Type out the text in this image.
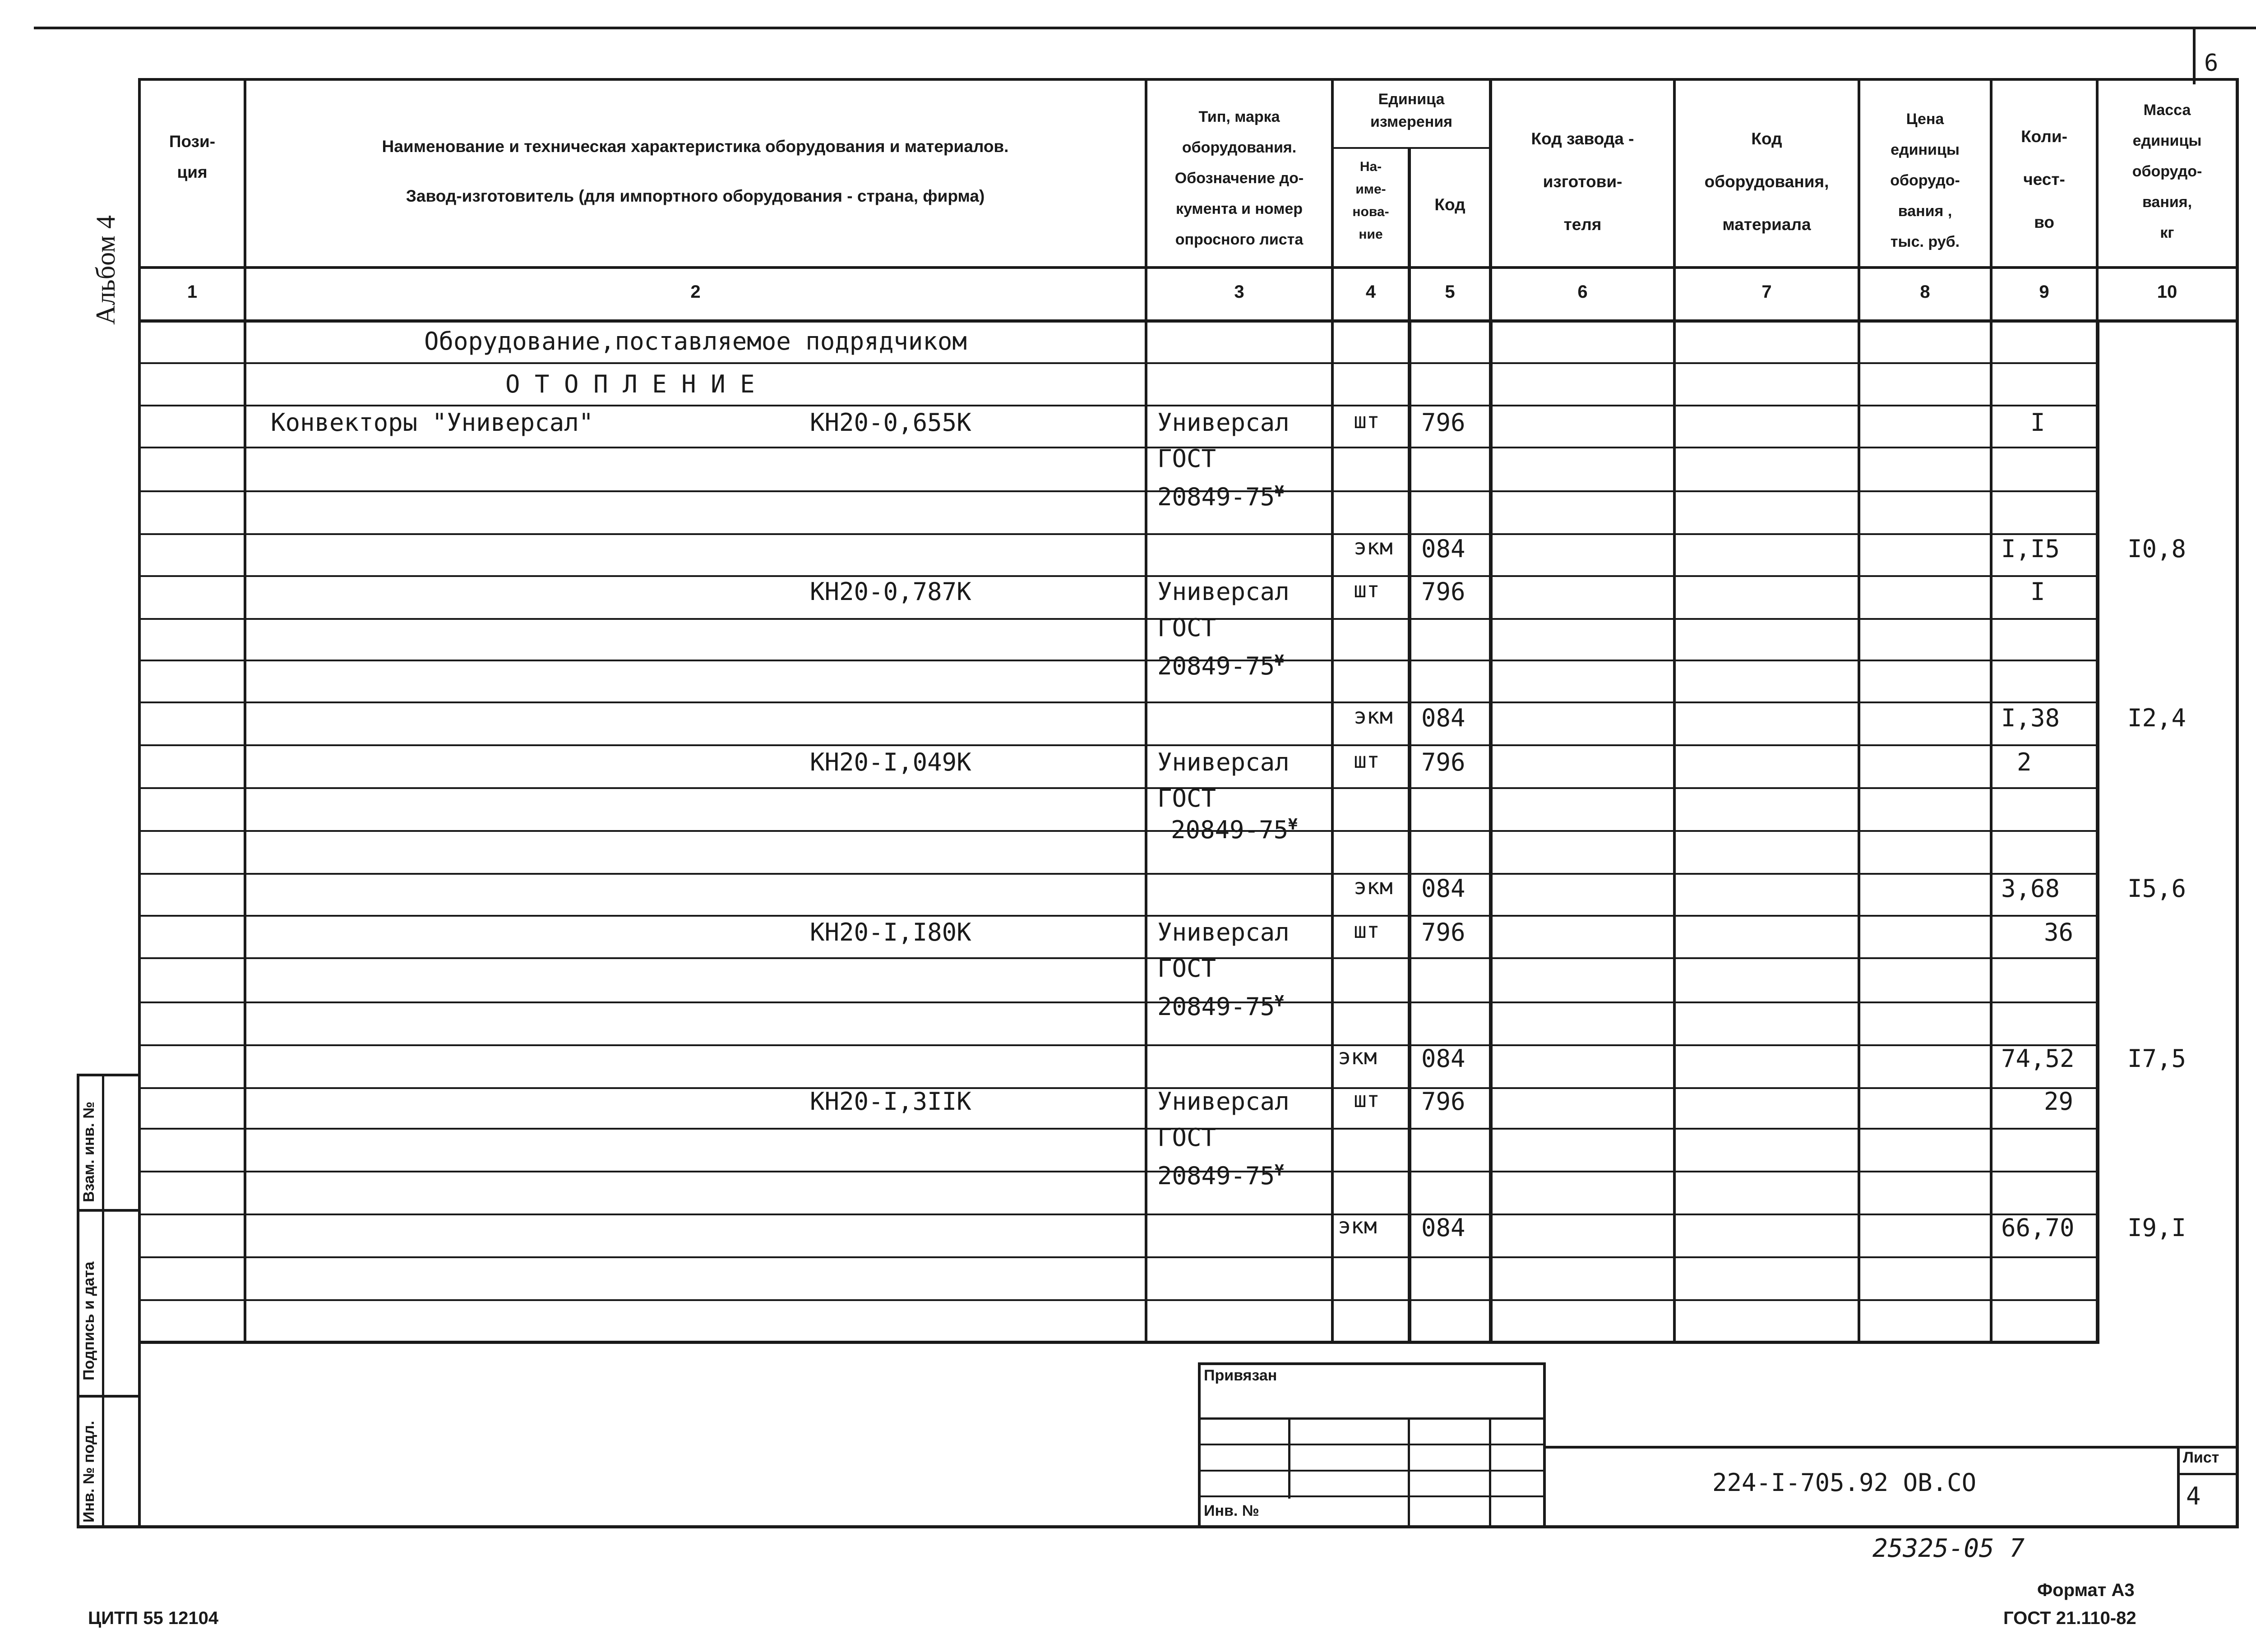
6
Альбом 4
Пози-
ция
Наименование и техническая характеристика оборудования и материалов.
Завод-изготовитель (для импортного оборудования - страна, фирма)
Тип, марка
оборудования.
Обозначение до-
кумента и номер
опросного листа
Единица
измерения
На-
име-
нова-
ние
Код
Код завода -
изготови-
теля
Код
оборудования,
материала
Цена
единицы
оборудо-
вания ,
тыс. руб.
Коли-
чест-
во
Масса
единицы
оборудо-
вания,
кг
1	2	3	4	5	6	7	8	9	10
Оборудование,поставляемое подрядчиком
О Т О П Л Е Н И Е
Конвекторы "Универсал"	КН20-0,655К	Универсал	шт 796	I
ГОСТ
20849-75¥
экм 084	I,I5	I0,8
КН20-0,787К	Универсал	шт 796	I
ГОСТ
20849-75¥
экм 084	I,38	I2,4
КН20-I,049К	Универсал	шт 796	2
ГОСТ
20849-75¥
экм 084	3,68	I5,6
КН20-I,I80К	Универсал	шт 796	36
ГОСТ
20849-75¥
экм 084	74,52 I7,5
КН20-I,3IIК	Универсал	шт 796	29
ГОСТ
20849-75¥
экм 084	66,70 I9,I
Взам. инв. №
Подпись и дата
Инв. № подл.
Привязан
Инв. №
224-I-705.92 ОВ.СО
Лист
4
25325-05 7
Формат А3
ГОСТ 21.110-82
ЦИТП 55 12104
